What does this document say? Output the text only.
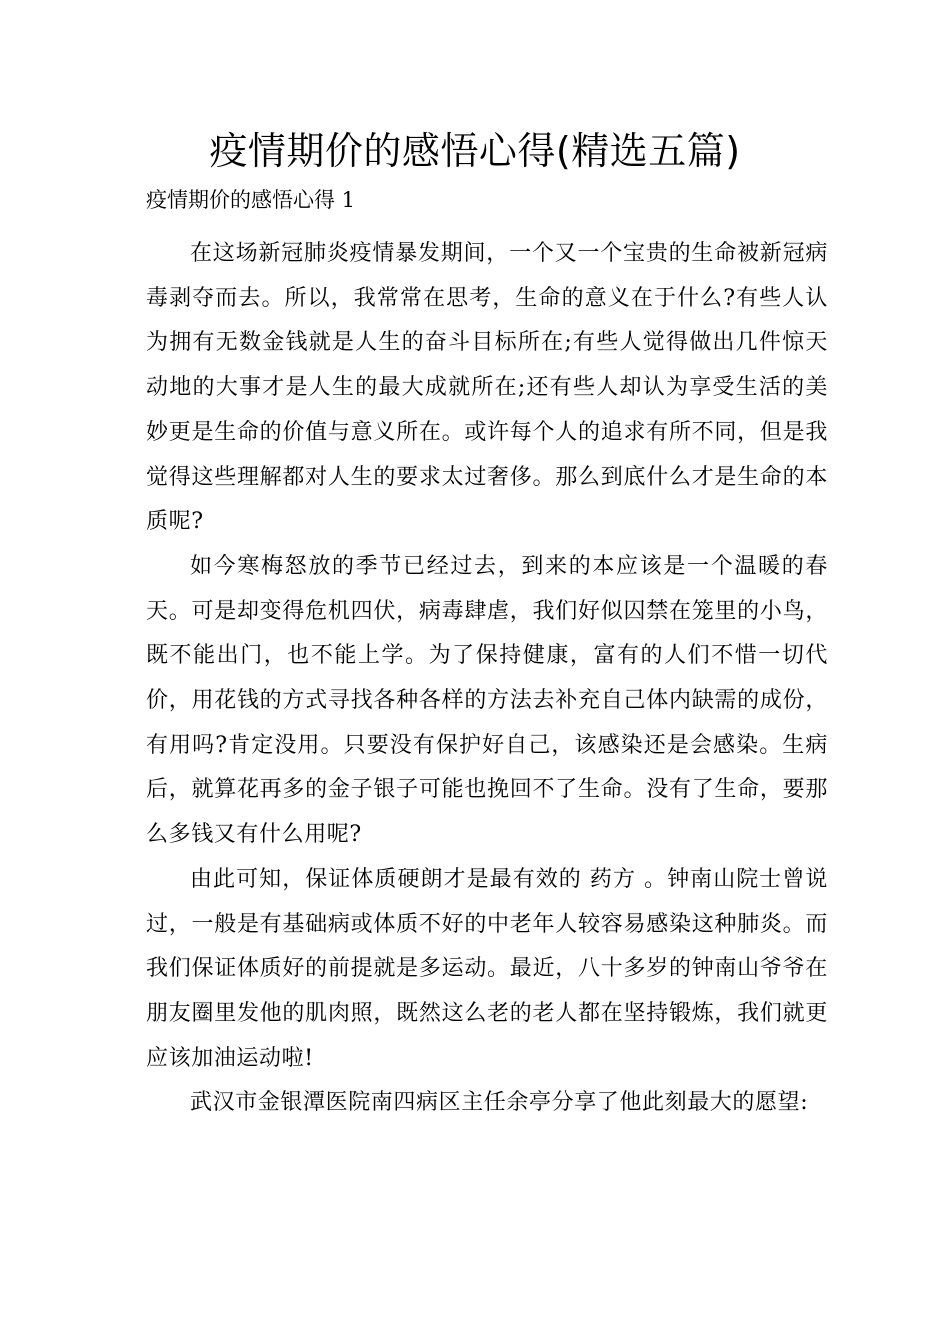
疫情期价的感悟心得(精选五篇)
疫情期价的感悟心得 1

在这场新冠肺炎疫情暴发期间，一个又一个宝贵的生命被新冠病毒剥夺而去。所以，我常常在思考，生命的意义在于什么?有些人认为拥有无数金钱就是人生的奋斗目标所在;有些人觉得做出几件惊天动地的大事才是人生的最大成就所在;还有些人却认为享受生活的美妙更是生命的价值与意义所在。或许每个人的追求有所不同，但是我觉得这些理解都对人生的要求太过奢侈。那么到底什么才是生命的本质呢?

如今寒梅怒放的季节已经过去，到来的本应该是一个温暖的春天。可是却变得危机四伏，病毒肆虐，我们好似囚禁在笼里的小鸟，既不能出门，也不能上学。为了保持健康，富有的人们不惜一切代价，用花钱的方式寻找各种各样的方法去补充自己体内缺需的成份，有用吗?肯定没用。只要没有保护好自己，该感染还是会感染。生病后，就算花再多的金子银子可能也挽回不了生命。没有了生命，要那么多钱又有什么用呢?

由此可知，保证体质硬朗才是最有效的 药方 。钟南山院士曾说过，一般是有基础病或体质不好的中老年人较容易感染这种肺炎。而我们保证体质好的前提就是多运动。最近，八十多岁的钟南山爷爷在朋友圈里发他的肌肉照，既然这么老的老人都在坚持锻炼，我们就更应该加油运动啦!

武汉市金银潭医院南四病区主任余亭分享了他此刻最大的愿望:
